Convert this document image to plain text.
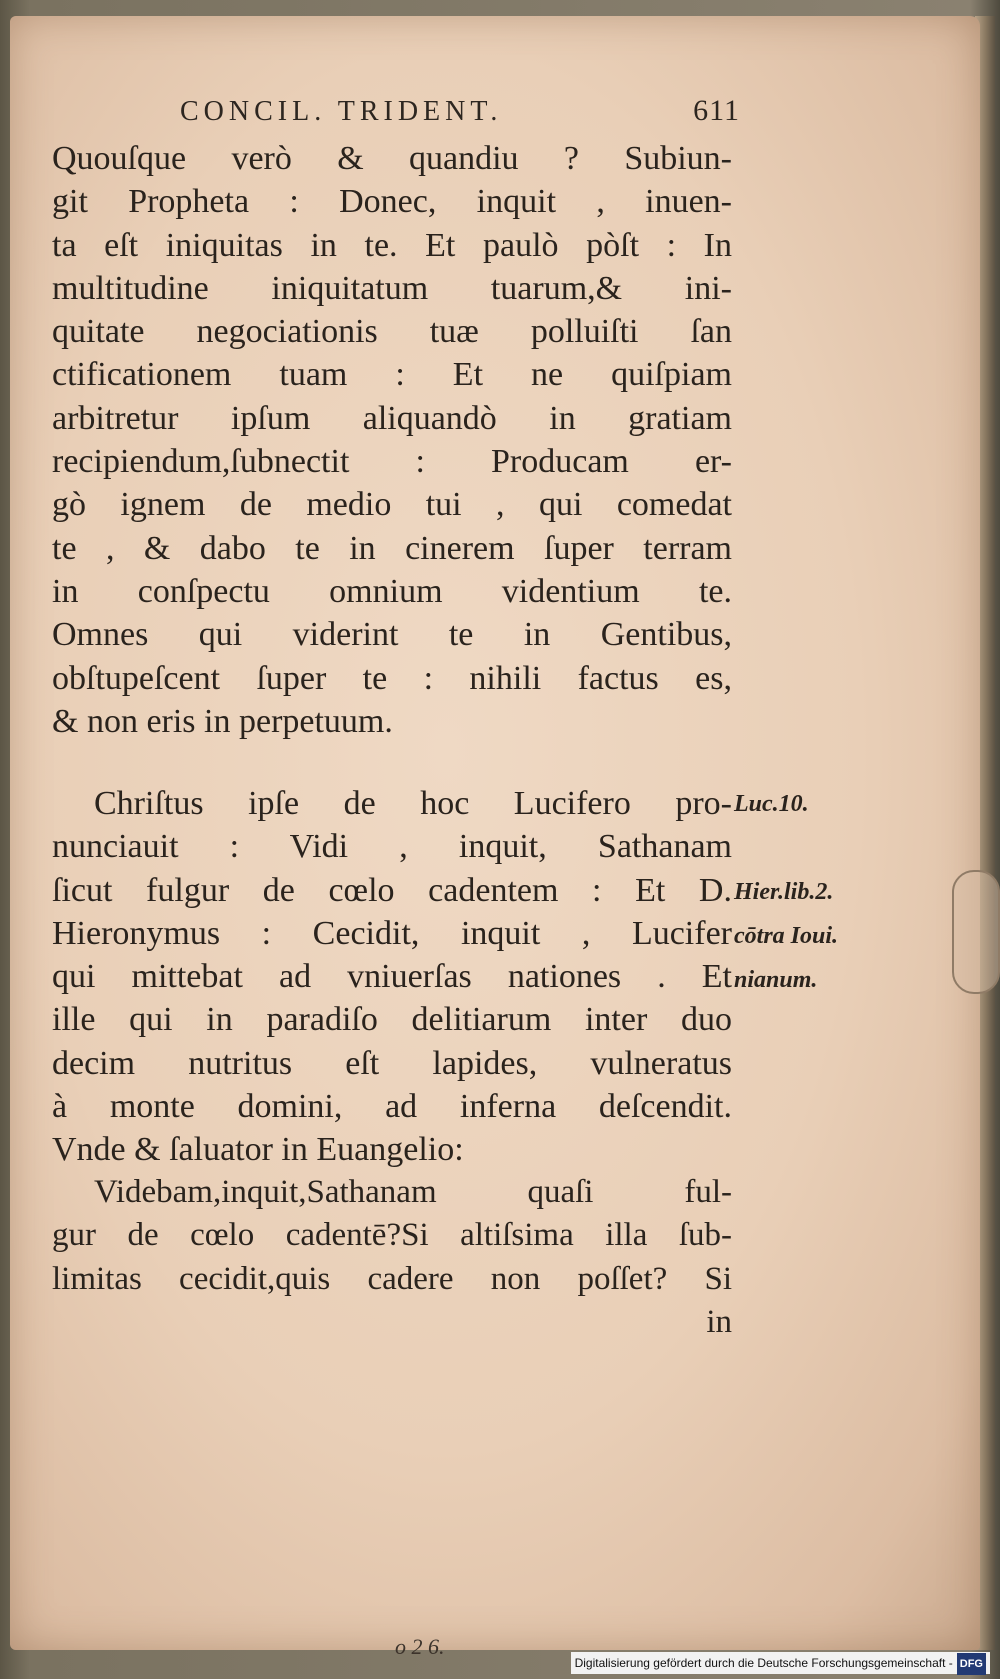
CONCIL. TRIDENT.	611
Quouſque verò & quandiu ? Subiun-
git Propheta : Donec, inquit , inuen-
ta eſt iniquitas in te. Et paulò pòſt : In
multitudine iniquitatum tuarum,& ini-
quitate negociationis tuæ polluiſti ſan
ctificationem tuam : Et ne quiſpiam
arbitretur ipſum aliquandò in gratiam
recipiendum,ſubnectit : Producam er-
gò ignem de medio tui , qui comedat
te , & dabo te in cinerem ſuper terram
in conſpectu omnium videntium te.
Omnes qui viderint te in Gentibus,
obſtupeſcent ſuper te : nihili factus es,
& non eris in perpetuum.
Chriſtus ipſe de hoc Lucifero pro-
nunciauit : Vidi , inquit, Sathanam
ſicut fulgur de cœlo cadentem : Et D.
Hieronymus : Cecidit, inquit , Lucifer
qui mittebat ad vniuerſas nationes . Et
ille qui in paradiſo delitiarum inter duo
decim nutritus eſt lapides, vulneratus
à monte domini, ad inferna deſcendit.
Vnde & ſaluator in Euangelio:
Luc.10.
Hier.lib.2.
cōtra Ioui.
nianum.
Videbam,inquit,Sathanam quaſi ful-
gur de cœlo cadentē?Si altiſsima illa ſub-
limitas cecidit,quis cadere non poſſet? Si
in
o 2 6.
Digitalisierung gefördert durch die Deutsche Forschungsgemeinschaft - DFG
